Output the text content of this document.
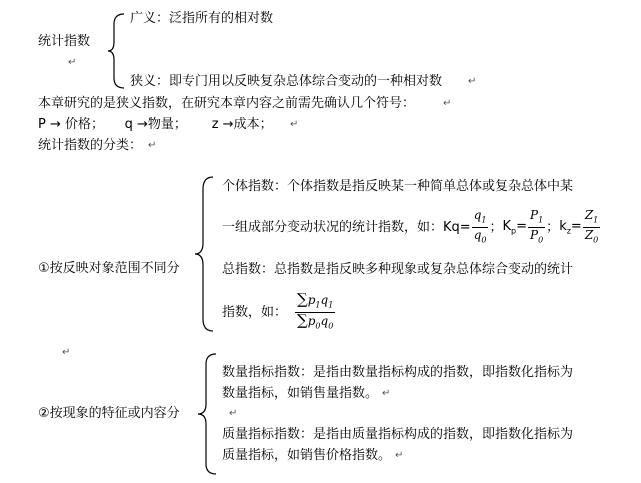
统计指数
广义：泛指所有的相对数
↵
狭义：即专门用以反映复杂总体综合变动的一种相对数	↵
本章研究的是狭义指数，在研究本章内容之前需先确认几个符号：	↵
P → 价格；     q →物量；      z →成本； ↵
统计指数的分类： ↵
①按反映对象范围不同分
个体指数：个体指数是指反映某一种简单总体或复杂总体中某
一组成部分变动状况的统计指数，如： $Kq= \frac{q_1}{q_0}$ ； $K_p= \frac{P_1}{P_0}$ ； $k_z= \frac{Z_1}{Z_0}$
总指数：总指数是指反映多种现象或复杂总体综合变动的统计
指数，如： $\frac{\sum p_1q_1}{\sum p_0q_0}$
↵
②按现象的特征或内容分
数量指标指数：是指由数量指标构成的指数，即指数化指标为
数量指标，如销售量指数。 ↵
↵
质量指标指数：是指由质量指标构成的指数，即指数化指标为
质量指标，如销售价格指数。 ↵
